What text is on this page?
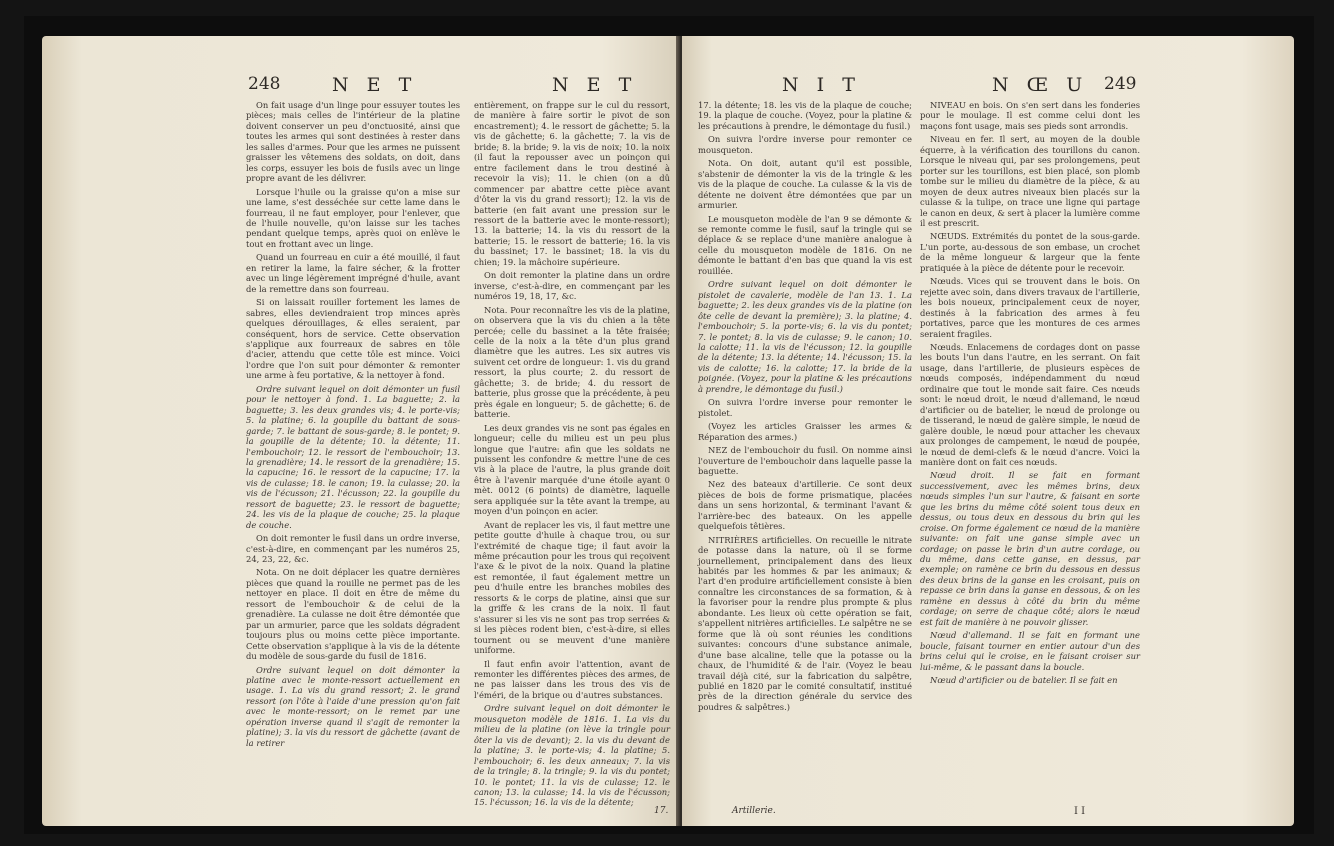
248	N E T	N E T

On fait usage d'un linge pour essuyer toutes les pièces; mais celles de l'intérieur de la platine doivent conserver un peu d'onctuosité, ainsi que toutes les armes qui sont destinées à rester dans les salles d'armes. Pour que les armes ne puissent graisser les vêtemens des soldats, on doit, dans les corps, essuyer les bois de fusils avec un linge propre avant de les délivrer.

Lorsque l'huile ou la graisse qu'on a mise sur une lame, s'est desséchée sur cette lame dans le fourreau, il ne faut employer, pour l'enlever, que de l'huile nouvelle, qu'on laisse sur les taches pendant quelque temps, après quoi on enlève le tout en frottant avec un linge.

Quand un fourreau en cuir a été mouillé, il faut en retirer la lame, la faire sécher, & la frotter avec un linge légèrement imprégné d'huile, avant de la remettre dans son fourreau.

Si on laissait rouiller fortement les lames de sabres, elles deviendraient trop minces après quelques dérouillages, & elles seraient, par conséquent, hors de service. Cette observation s'applique aux fourreaux de sabres en tôle d'acier, attendu que cette tôle est mince. Voici l'ordre que l'on suit pour démonter & remonter une arme à feu portative, & la nettoyer à fond.

Ordre suivant lequel on doit démonter un fusil pour le nettoyer à fond. 1. La baguette; 2. la baguette; 3. les deux grandes vis; 4. le porte-vis; 5. la platine; 6. la goupille du battant de sous-garde; 7. le battant de sous-garde; 8. le pontet; 9. la goupille de la détente; 10. la détente; 11. l'embouchoir; 12. le ressort de l'embouchoir; 13. la grenadière; 14. le ressort de la grenadière; 15. la capucine; 16. le ressort de la capucine; 17. la vis de culasse; 18. le canon; 19. la culasse; 20. la vis de l'écusson; 21. l'écusson; 22. la goupille du ressort de baguette; 23. le ressort de baguette; 24. les vis de la plaque de couche; 25. la plaque de couche.

On doit remonter le fusil dans un ordre inverse, c'est-à-dire, en commençant par les numéros 25, 24, 23, 22, &c.

Nota. On ne doit déplacer les quatre dernières pièces que quand la rouille ne permet pas de les nettoyer en place. Il doit en être de même du ressort de l'embouchoir & de celui de la grenadière. La culasse ne doit être démontée que par un armurier, parce que les soldats dégradent toujours plus ou moins cette pièce importante. Cette observation s'applique à la vis de la détente du modèle de sous-garde du fusil de 1816.

Ordre suivant lequel on doit démonter la platine avec le monte-ressort actuellement en usage. 1. La vis du grand ressort; 2. le grand ressort (on l'ôte à l'aide d'une pression qu'on fait avec le monte-ressort; on le remet par une opération inverse quand il s'agit de remonter la platine); 3. la vis du ressort de gâchette (avant de la retirer

entièrement, on frappe sur le cul du ressort, de manière à faire sortir le pivot de son encastrement); 4. le ressort de gâchette; 5. la vis de gâchette; 6. la gâchette; 7. la vis de bride; 8. la bride; 9. la vis de noix; 10. la noix (il faut la repousser avec un poinçon qui entre facilement dans le trou destiné à recevoir la vis); 11. le chien (on a dû commencer par abattre cette pièce avant d'ôter la vis du grand ressort); 12. la vis de batterie (en fait avant une pression sur le ressort de la batterie avec le monte-ressort); 13. la batterie; 14. la vis du ressort de la batterie; 15. le ressort de batterie; 16. la vis du bassinet; 17. le bassinet; 18. la vis du chien; 19. la mâchoire supérieure.

On doit remonter la platine dans un ordre inverse, c'est-à-dire, en commençant par les numéros 19, 18, 17, &c.

Nota. Pour reconnaître les vis de la platine, on observera que la vis du chien a la tête percée; celle du bassinet a la tête fraisée; celle de la noix a la tête d'un plus grand diamètre que les autres. Les six autres vis suivent cet ordre de longueur: 1. vis du grand ressort, la plus courte; 2. du ressort de gâchette; 3. de bride; 4. du ressort de batterie, plus grosse que la précédente, à peu près égale en longueur; 5. de gâchette; 6. de batterie.

Les deux grandes vis ne sont pas égales en longueur; celle du milieu est un peu plus longue que l'autre: afin que les soldats ne puissent les confondre & mettre l'une de ces vis à la place de l'autre, la plus grande doit être à l'avenir marquée d'une étoile ayant 0 mèt. 0012 (6 points) de diamètre, laquelle sera appliquée sur la tête avant la trempe, au moyen d'un poinçon en acier.

Avant de replacer les vis, il faut mettre une petite goutte d'huile à chaque trou, ou sur l'extrémité de chaque tige; il faut avoir la même précaution pour les trous qui reçoivent l'axe & le pivot de la noix. Quand la platine est remontée, il faut également mettre un peu d'huile entre les branches mobiles des ressorts & le corps de platine, ainsi que sur la griffe & les crans de la noix. Il faut s'assurer si les vis ne sont pas trop serrées & si les pièces rodent bien, c'est-à-dire, si elles tournent ou se meuvent d'une manière uniforme.

Il faut enfin avoir l'attention, avant de remonter les différentes pièces des armes, de ne pas laisser dans les trous des vis de l'éméri, de la brique ou d'autres substances.

Ordre suivant lequel on doit démonter le mousqueton modèle de 1816. 1. La vis du milieu de la platine (on lève la tringle pour ôter la vis de devant); 2. la vis du devant de la platine; 3. le porte-vis; 4. la platine; 5. l'embouchoir; 6. les deux anneaux; 7. la vis de la tringle; 8. la tringle; 9. la vis du pontet; 10. le pontet; 11. la vis de culasse; 12. le canon; 13. la culasse; 14. la vis de l'écusson; 15. l'écusson; 16. la vis de la détente;

17.
N I T	N Œ U 249

17. la détente; 18. les vis de la plaque de couche; 19. la plaque de couche. (Voyez, pour la platine & les précautions à prendre, le démontage du fusil.)

On suivra l'ordre inverse pour remonter ce mousqueton.

Nota. On doit, autant qu'il est possible, s'abstenir de démonter la vis de la tringle & les vis de la plaque de couche. La culasse & la vis de détente ne doivent être démontées que par un armurier.

Le mousqueton modèle de l'an 9 se démonte & se remonte comme le fusil, sauf la tringle qui se déplace & se replace d'une manière analogue à celle du mousqueton modèle de 1816. On ne démonte le battant d'en bas que quand la vis est rouillée.

Ordre suivant lequel on doit démonter le pistolet de cavalerie, modèle de l'an 13. 1. La baguette; 2. les deux grandes vis de la platine (on ôte celle de devant la première); 3. la platine; 4. l'embouchoir; 5. la porte-vis; 6. la vis du pontet; 7. le pontet; 8. la vis de culasse; 9. le canon; 10. la calotte; 11. la vis de l'écusson; 12. la goupille de la détente; 13. la détente; 14. l'écusson; 15. la vis de calotte; 16. la calotte; 17. la bride de la poignée. (Voyez, pour la platine & les précautions à prendre, le démontage du fusil.)

On suivra l'ordre inverse pour remonter le pistolet.

(Voyez les articles Graisser les armes & Réparation des armes.)

NEZ de l'embouchoir du fusil. On nomme ainsi l'ouverture de l'embouchoir dans laquelle passe la baguette.

Nez des bateaux d'artillerie. Ce sont deux pièces de bois de forme prismatique, placées dans un sens horizontal, & terminant l'avant & l'arrière-bec des bateaux. On les appelle quelquefois têtières.

NITRIÈRES artificielles. On recueille le nitrate de potasse dans la nature, où il se forme journellement, principalement dans des lieux habités par les hommes & par les animaux; & l'art d'en produire artificiellement consiste à bien connaître les circonstances de sa formation, & à la favoriser pour la rendre plus prompte & plus abondante. Les lieux où cette opération se fait, s'appellent nitrières artificielles. Le salpêtre ne se forme que là où sont réunies les conditions suivantes: concours d'une substance animale, d'une base alcaline, telle que la potasse ou la chaux, de l'humidité & de l'air. (Voyez le beau travail déjà cité, sur la fabrication du salpêtre, publié en 1820 par le comité consultatif, institué près de la direction générale du service des poudres & salpêtres.)

NIVEAU en bois. On s'en sert dans les fonderies pour le moulage. Il est comme celui dont les maçons font usage, mais ses pieds sont arrondis.

Niveau en fer. Il sert, au moyen de la double équerre, à la vérification des tourillons du canon. Lorsque le niveau qui, par ses prolongemens, peut porter sur les tourillons, est bien placé, son plomb tombe sur le milieu du diamètre de la pièce, & au moyen de deux autres niveaux bien placés sur la culasse & la tulipe, on trace une ligne qui partage le canon en deux, & sert à placer la lumière comme il est prescrit.

NŒUDS. Extrémités du pontet de la sous-garde. L'un porte, au-dessous de son embase, un crochet de la même longueur & largeur que la fente pratiquée à la pièce de détente pour le recevoir.

Nœuds. Vices qui se trouvent dans le bois. On rejette avec soin, dans divers travaux de l'artillerie, les bois noueux, principalement ceux de noyer, destinés à la fabrication des armes à feu portatives, parce que les montures de ces armes seraient fragiles.

Nœuds. Enlacemens de cordages dont on passe les bouts l'un dans l'autre, en les serrant. On fait usage, dans l'artillerie, de plusieurs espèces de nœuds composés, indépendamment du nœud ordinaire que tout le monde sait faire. Ces nœuds sont: le nœud droit, le nœud d'allemand, le nœud d'artificier ou de batelier, le nœud de prolonge ou de tisserand, le nœud de galère simple, le nœud de galère double, le nœud pour attacher les chevaux aux prolonges de campement, le nœud de poupée, le nœud de demi-clefs & le nœud d'ancre. Voici la manière dont on fait ces nœuds.

Nœud droit. Il se fait en formant successivement, avec les mêmes brins, deux nœuds simples l'un sur l'autre, & faisant en sorte que les brins du même côté soient tous deux en dessus, ou tous deux en dessous du brin qui les croise. On forme également ce nœud de la manière suivante: on fait une ganse simple avec un cordage; on passe le brin d'un autre cordage, ou du même, dans cette ganse, en dessus, par exemple; on ramène ce brin du dessous en dessus des deux brins de la ganse en les croisant, puis on repasse ce brin dans la ganse en dessous, & on les ramène en dessus à côté du brin du même cordage; on serre de chaque côté; alors le nœud est fait de manière à ne pouvoir glisser.

Nœud d'allemand. Il se fait en formant une boucle, faisant tourner en entier autour d'un des brins celui qui le croise, en le faisant croiser sur lui-même, & le passant dans la boucle.

Nœud d'artificier ou de batelier. Il se fait en

Artillerie.	I I
